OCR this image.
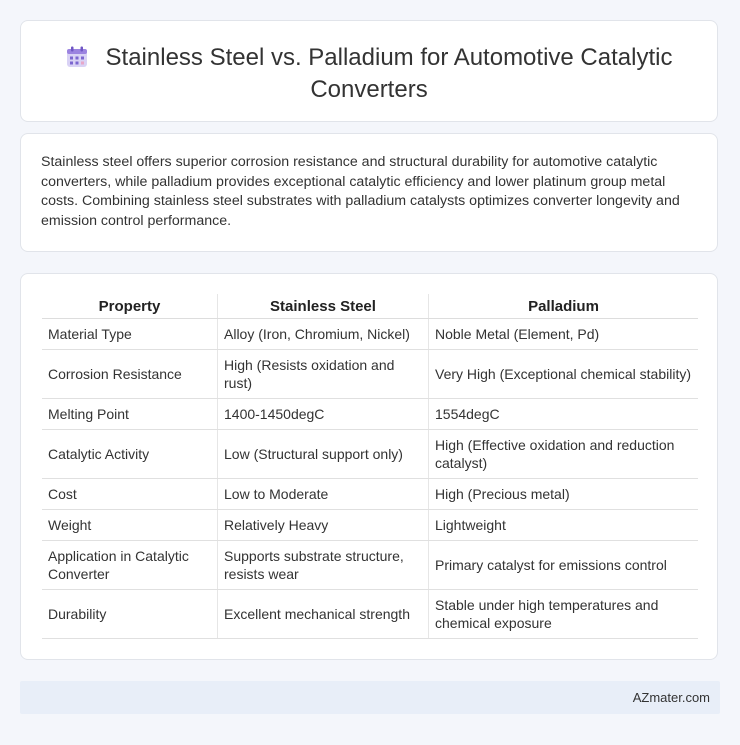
Stainless Steel vs. Palladium for Automotive Catalytic Converters

Stainless steel offers superior corrosion resistance and structural durability for automotive catalytic converters, while palladium provides exceptional catalytic efficiency and lower platinum group metal costs. Combining stainless steel substrates with palladium catalysts optimizes converter longevity and emission control performance.

Property	Stainless Steel	Palladium
Material Type	Alloy (Iron, Chromium, Nickel)	Noble Metal (Element, Pd)
Corrosion Resistance	High (Resists oxidation and rust)	Very High (Exceptional chemical stability)
Melting Point	1400-1450degC	1554degC
Catalytic Activity	Low (Structural support only)	High (Effective oxidation and reduction catalyst)
Cost	Low to Moderate	High (Precious metal)
Weight	Relatively Heavy	Lightweight
Application in Catalytic Converter	Supports substrate structure, resists wear	Primary catalyst for emissions control
Durability	Excellent mechanical strength	Stable under high temperatures and chemical exposure
AZmater.com
